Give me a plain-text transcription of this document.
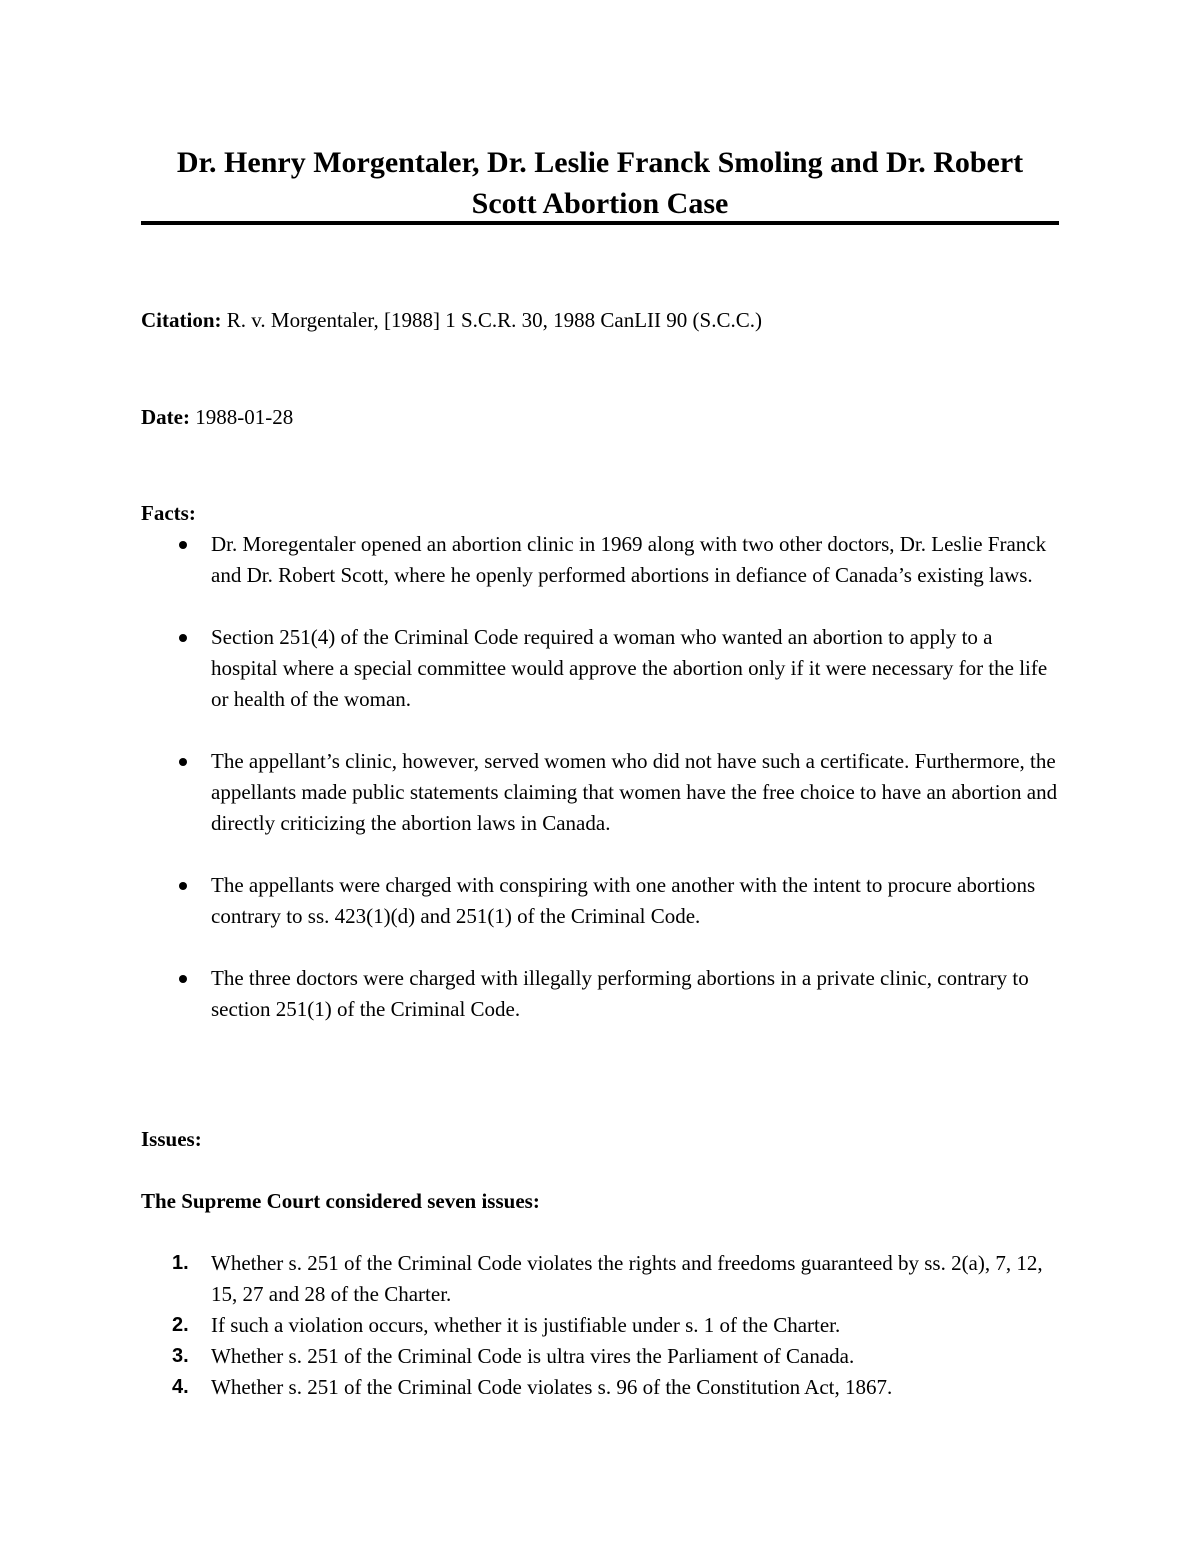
Dr. Henry Morgentaler, Dr. Leslie Franck Smoling and Dr. Robert Scott Abortion Case

Citation: R. v. Morgentaler, [1988] 1 S.C.R. 30, 1988 CanLII 90 (S.C.C.)

Date: 1988-01-28

Facts:

Dr. Moregentaler opened an abortion clinic in 1969 along with two other doctors, Dr. Leslie Franck and Dr. Robert Scott, where he openly performed abortions in defiance of Canada’s existing laws.
Section 251(4) of the Criminal Code required a woman who wanted an abortion to apply to a hospital where a special committee would approve the abortion only if it were necessary for the life or health of the woman.
The appellant’s clinic, however, served women who did not have such a certificate. Furthermore, the appellants made public statements claiming that women have the free choice to have an abortion and directly criticizing the abortion laws in Canada.
The appellants were charged with conspiring with one another with the intent to procure abortions contrary to ss. 423(1)(d) and 251(1) of the Criminal Code.
The three doctors were charged with illegally performing abortions in a private clinic, contrary to section 251(1) of the Criminal Code.

Issues:

The Supreme Court considered seven issues:

1. Whether s. 251 of the Criminal Code violates the rights and freedoms guaranteed by ss. 2(a), 7, 12, 15, 27 and 28 of the Charter.
2. If such a violation occurs, whether it is justifiable under s. 1 of the Charter.
3. Whether s. 251 of the Criminal Code is ultra vires the Parliament of Canada.
4. Whether s. 251 of the Criminal Code violates s. 96 of the Constitution Act, 1867.
